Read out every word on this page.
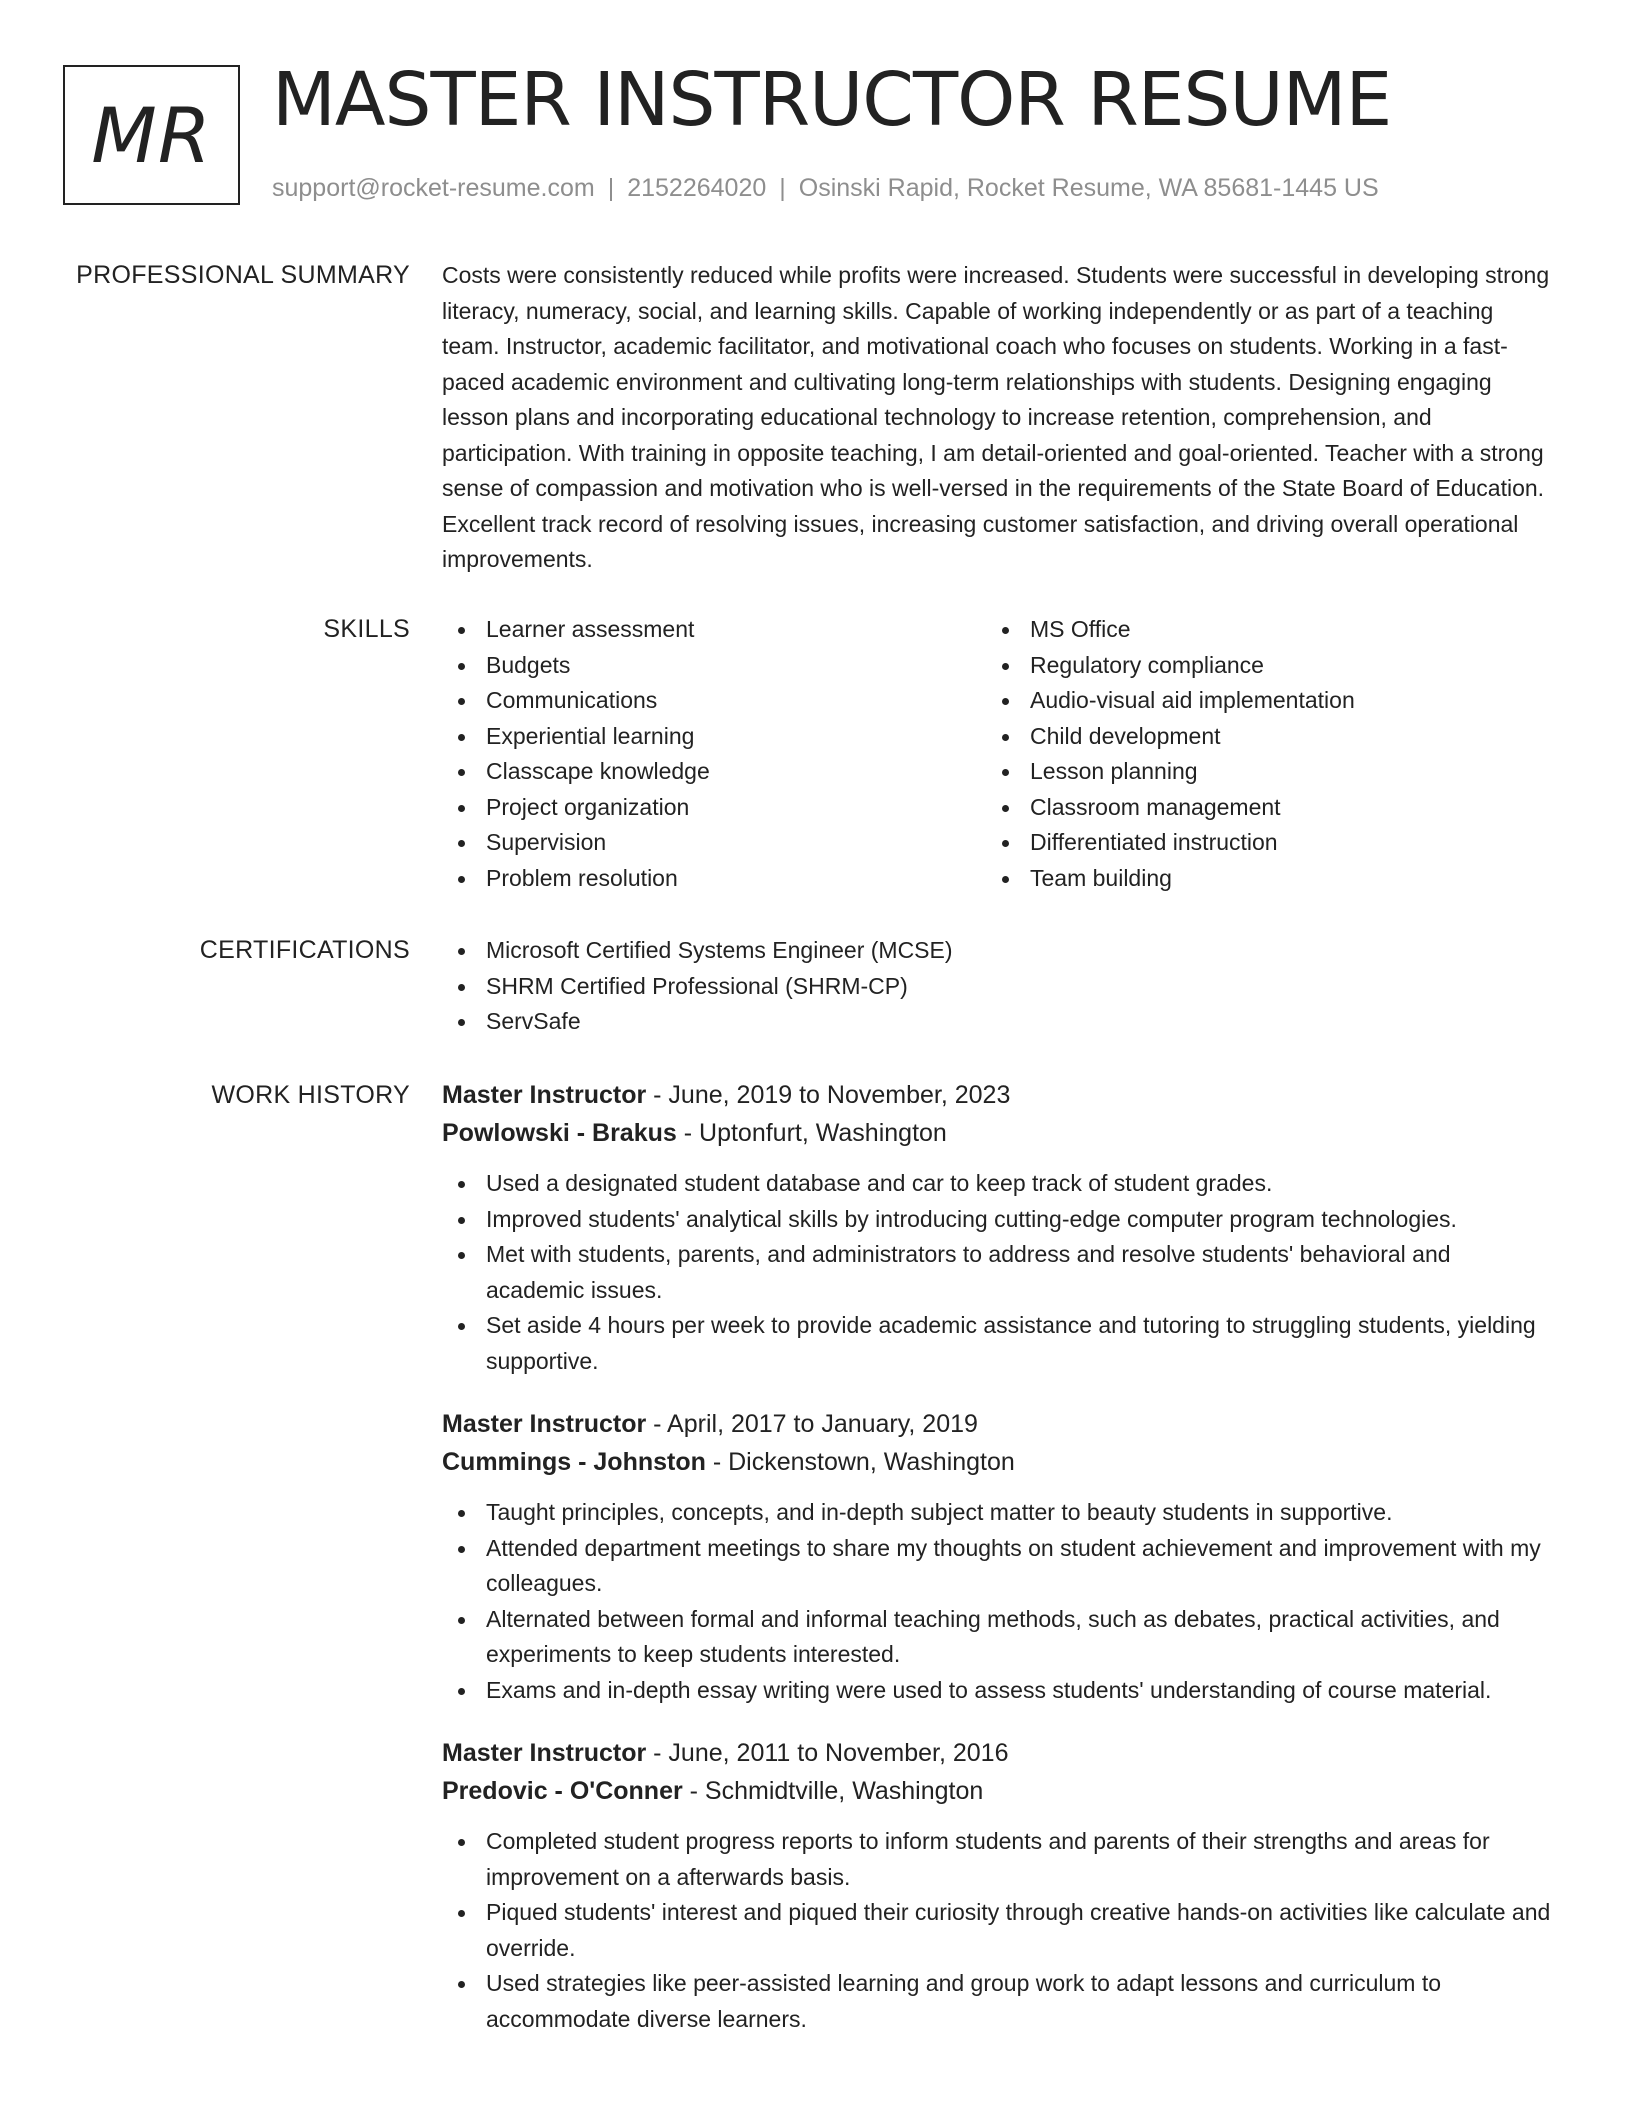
MR MASTER INSTRUCTOR RESUME
support@rocket-resume.com | 2152264020 | Osinski Rapid, Rocket Resume, WA 85681-1445 US
PROFESSIONAL SUMMARY Costs were consistently reduced while profits were increased. Students were successful in developing strong literacy, numeracy, social, and learning skills. Capable of working independently or as part of a teaching team. Instructor, academic facilitator, and motivational coach who focuses on students. Working in a fast-paced academic environment and cultivating long-term relationships with students. Designing engaging lesson plans and incorporating educational technology to increase retention, comprehension, and participation. With training in opposite teaching, I am detail-oriented and goal-oriented. Teacher with a strong sense of compassion and motivation who is well-versed in the requirements of the State Board of Education. Excellent track record of resolving issues, increasing customer satisfaction, and driving overall operational improvements.

SKILLS	Learner assessment
Budgets
Communications
Experiential learning
Classcape knowledge
Project organization
Supervision
Problem resolution
MS Office
Regulatory compliance
Audio-visual aid implementation
Child development
Lesson planning
Classroom management
Differentiated instruction
Team building
CERTIFICATIONS	Microsoft Certified Systems Engineer (MCSE)
SHRM Certified Professional (SHRM-CP)
ServSafe
WORK HISTORY Master Instructor - June, 2019 to November, 2023
Powlowski - Brakus - Uptonfurt, Washington
Used a designated student database and car to keep track of student grades.
Improved students' analytical skills by introducing cutting-edge computer program technologies.
Met with students, parents, and administrators to address and resolve students' behavioral and academic issues.
Set aside 4 hours per week to provide academic assistance and tutoring to struggling students, yielding supportive.
Master Instructor - April, 2017 to January, 2019
Cummings - Johnston - Dickenstown, Washington
Taught principles, concepts, and in-depth subject matter to beauty students in supportive.
Attended department meetings to share my thoughts on student achievement and improvement with my colleagues.
Alternated between formal and informal teaching methods, such as debates, practical activities, and experiments to keep students interested.
Exams and in-depth essay writing were used to assess students' understanding of course material.
Master Instructor - June, 2011 to November, 2016
Predovic - O'Conner - Schmidtville, Washington
Completed student progress reports to inform students and parents of their strengths and areas for improvement on a afterwards basis.
Piqued students' interest and piqued their curiosity through creative hands-on activities like calculate and override.
Used strategies like peer-assisted learning and group work to adapt lessons and curriculum to accommodate diverse learners.
